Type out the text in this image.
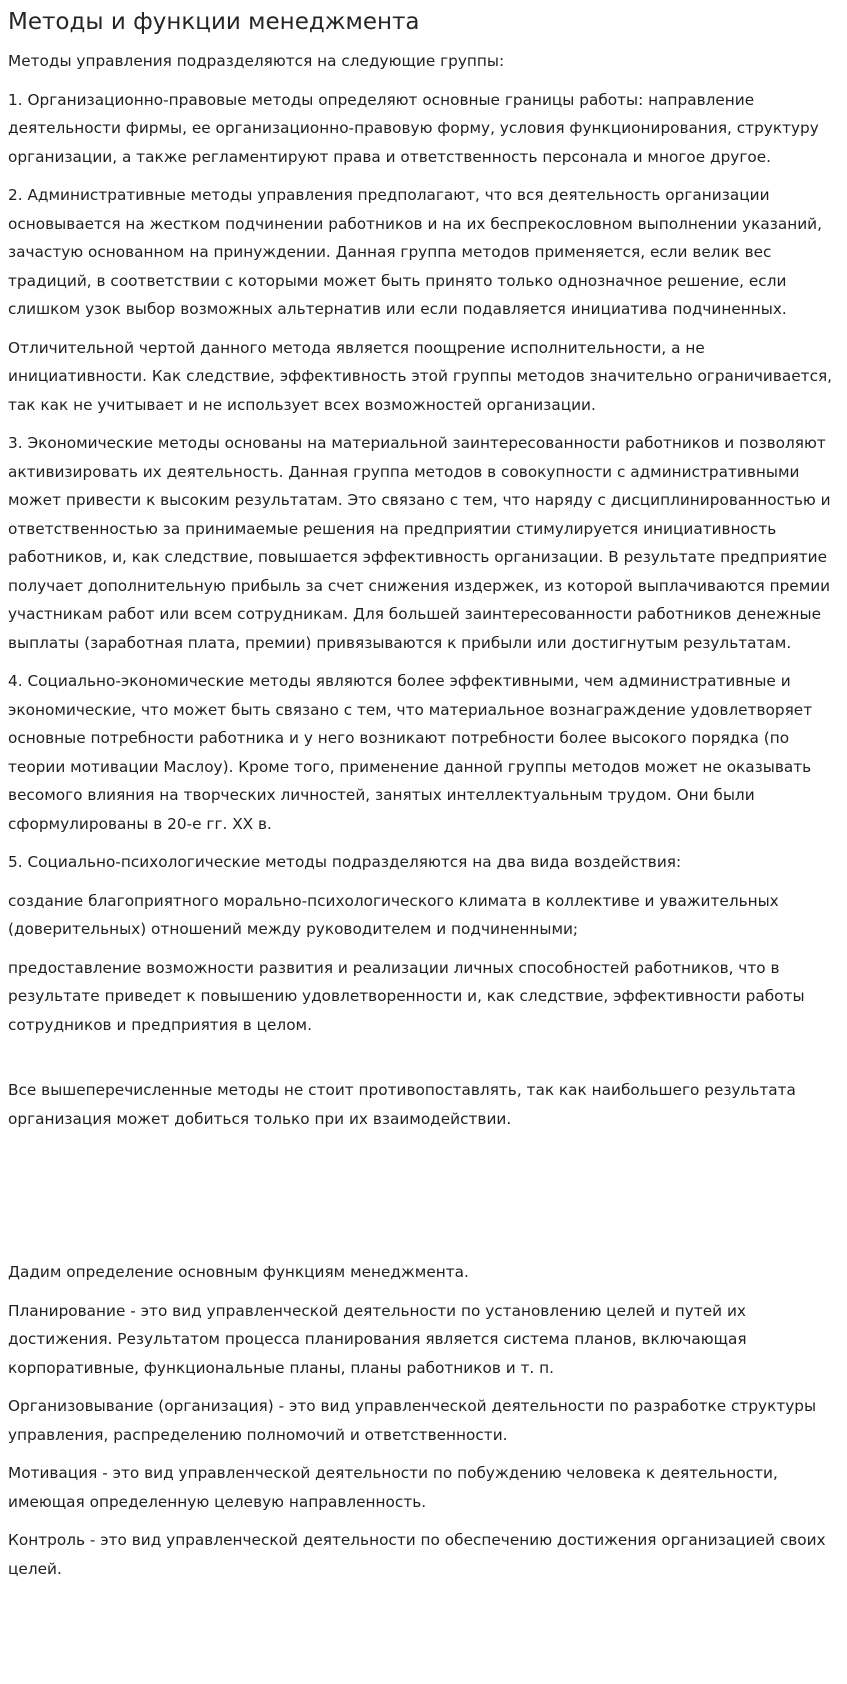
Методы и функции менеджмента

Методы управления подразделяются на следующие группы:

1. Организационно-правовые методы определяют основные границы работы: направление деятельности фирмы, ее организационно-правовую форму, условия функционирования, структуру организации, а также регламентируют права и ответственность персонала и многое другое.

2. Административные методы управления предполагают, что вся деятельность организации основывается на жестком подчинении работников и на их беспрекословном выполнении указаний, зачастую основанном на принуждении. Данная группа методов применяется, если велик вес традиций, в соответствии с которыми может быть принято только однозначное решение, если слишком узок выбор возможных альтернатив или если подавляется инициатива подчиненных.

Отличительной чертой данного метода является поощрение исполнительности, а не инициативности. Как следствие, эффективность этой группы методов значительно ограничивается, так как не учитывает и не использует всех возможностей организации.

3. Экономические методы основаны на материальной заинтересованности работников и позволяют активизировать их деятельность. Данная группа методов в совокупности с административными может привести к высоким результатам. Это связано с тем, что наряду с дисциплинированностью и ответственностью за принимаемые решения на предприятии стимулируется инициативность работников, и, как следствие, повышается эффективность организации. В результате предприятие получает дополнительную прибыль за счет снижения издержек, из которой выплачиваются премии участникам работ или всем сотрудникам. Для большей заинтересованности работников денежные выплаты (заработная плата, премии) привязываются к прибыли или достигнутым результатам.

4. Социально-экономические методы являются более эффективными, чем административные и экономические, что может быть связано с тем, что материальное вознаграждение удовлетворяет основные потребности работника и у него возникают потребности более высокого порядка (по теории мотивации Маслоу). Кроме того, применение данной группы методов может не оказывать весомого влияния на творческих личностей, занятых интеллектуальным трудом. Они были сформулированы в 20-е гг. XX в.

5. Социально-психологические методы подразделяются на два вида воздействия:

создание благоприятного морально-психологического климата в коллективе и уважительных (доверительных) отношений между руководителем и подчиненными;

предоставление возможности развития и реализации личных способностей работников, что в результате приведет к повышению удовлетворенности и, как следствие, эффективности работы сотрудников и предприятия в целом.

Все вышеперечисленные методы не стоит противопоставлять, так как наибольшего результата организация может добиться только при их взаимодействии.

Дадим определение основным функциям менеджмента.

Планирование - это вид управленческой деятельности по установлению целей и путей их достижения. Результатом процесса планирования является система планов, включающая корпоративные, функциональные планы, планы работников и т. п.

Организовывание (организация) - это вид управленческой деятельности по разработке структуры управления, распределению полномочий и ответственности.

Мотивация - это вид управленческой деятельности по побуждению человека к деятельности, имеющая определенную целевую направленность.

Контроль - это вид управленческой деятельности по обеспечению достижения организацией своих целей.
